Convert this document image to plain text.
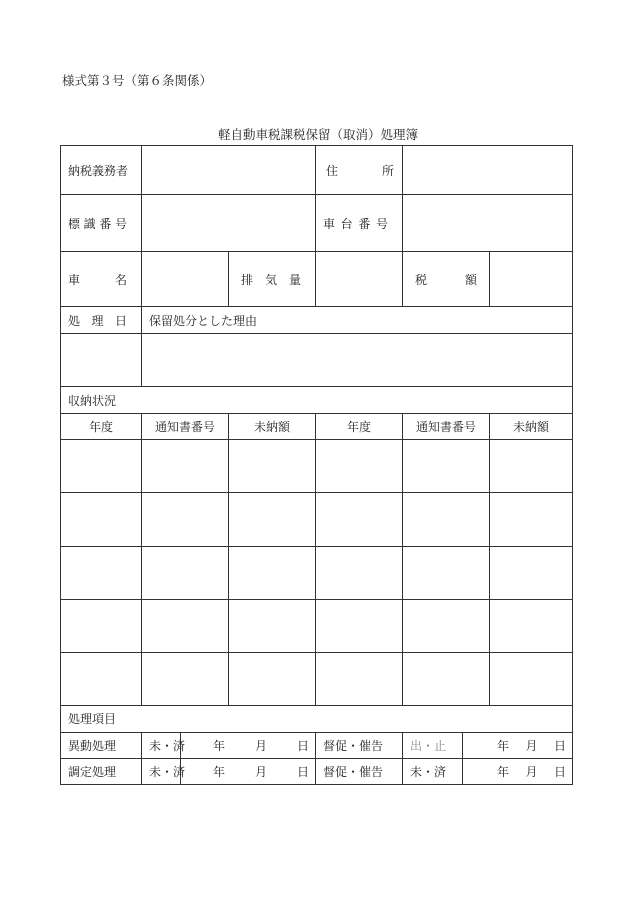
様式第３号（第６条関係）
軽自動車税課税保留（取消）処理簿
納税義務者				住 所			

標 識 番 号				車 台 番 号			

車 名			排 気 量		税 額		

処 理 日	保留処分とした理由						

収納状況							
年度	通知書番号		未納額	年度	通知書番号		未納額

処理項目							
異動処理	未・済	年 月 日		督促・催告	出・止	年 月 日	

調定処理	未・済	年 月 日		督促・催告	未・済	年 月 日	
